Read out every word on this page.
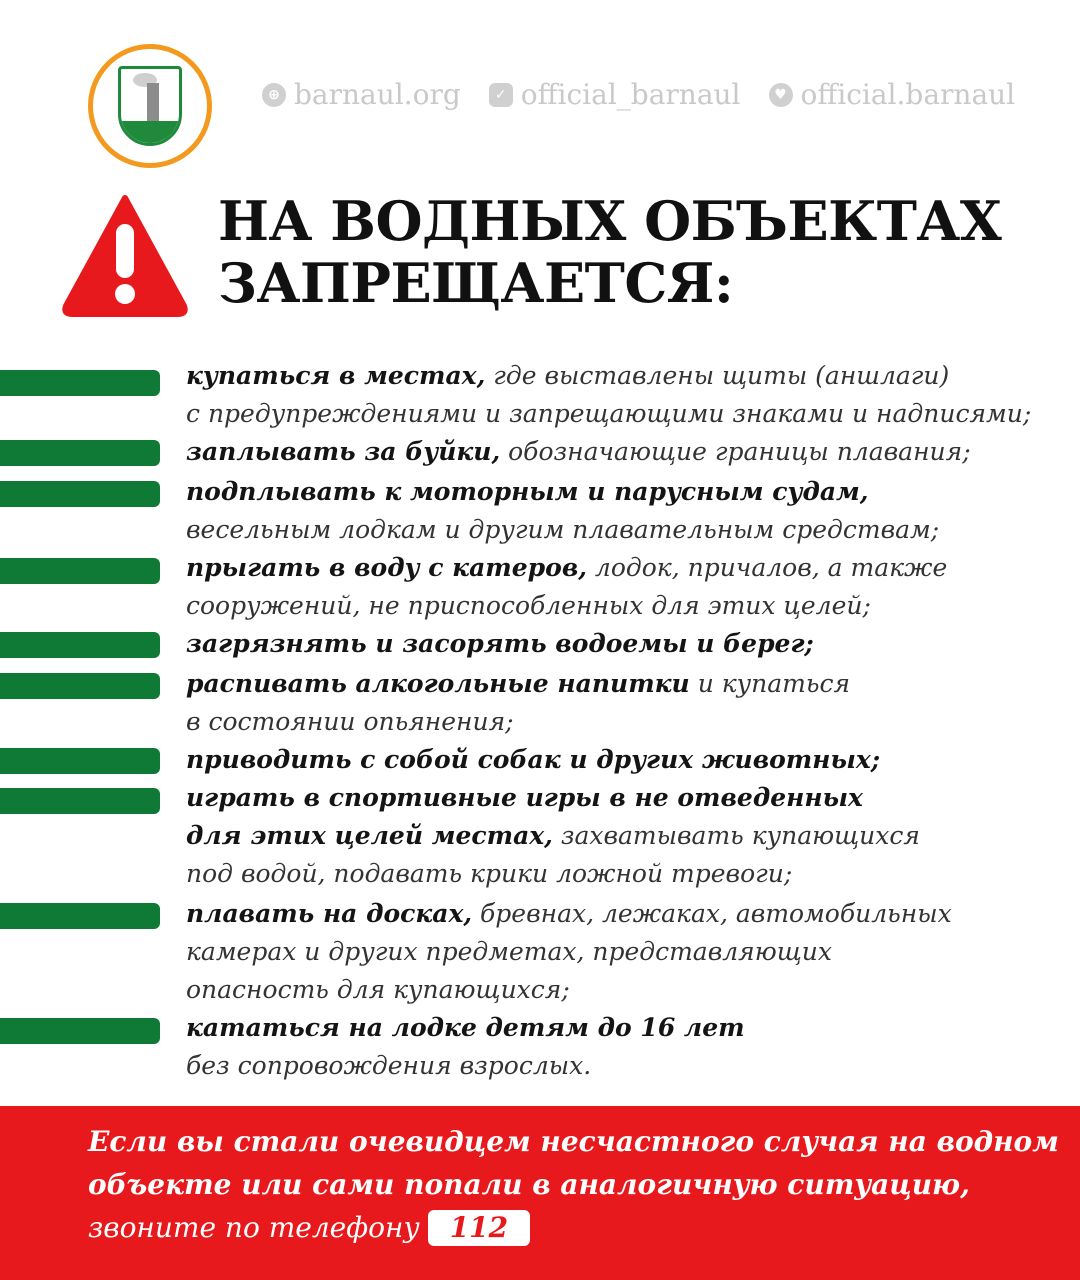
⊕ barnaul.org	✓ official_barnaul	♥ official.barnaul
НА ВОДНЫХ ОБЪЕКТАХ
ЗАПРЕЩАЕТСЯ:
купаться в местах, где выставлены щиты (аншлаги)
с предупреждениями и запрещающими знаками и надписями;
заплывать за буйки, обозначающие границы плавания;
подплывать к моторным и парусным судам,
весельным лодкам и другим плавательным средствам;
прыгать в воду с катеров, лодок, причалов, а также
сооружений, не приспособленных для этих целей;
загрязнять и засорять водоемы и берег;
распивать алкогольные напитки и купаться
в состоянии опьянения;
приводить с собой собак и других животных;
играть в спортивные игры в не отведенных
для этих целей местах, захватывать купающихся
под водой, подавать крики ложной тревоги;
плавать на досках, бревнах, лежаках, автомобильных
камерах и других предметах, представляющих
опасность для купающихся;
кататься на лодке детям до 16 лет
без сопровождения взрослых.
Если вы стали очевидцем несчастного случая на водном
объекте или сами попали в аналогичную ситуацию,
звоните по телефону 112
